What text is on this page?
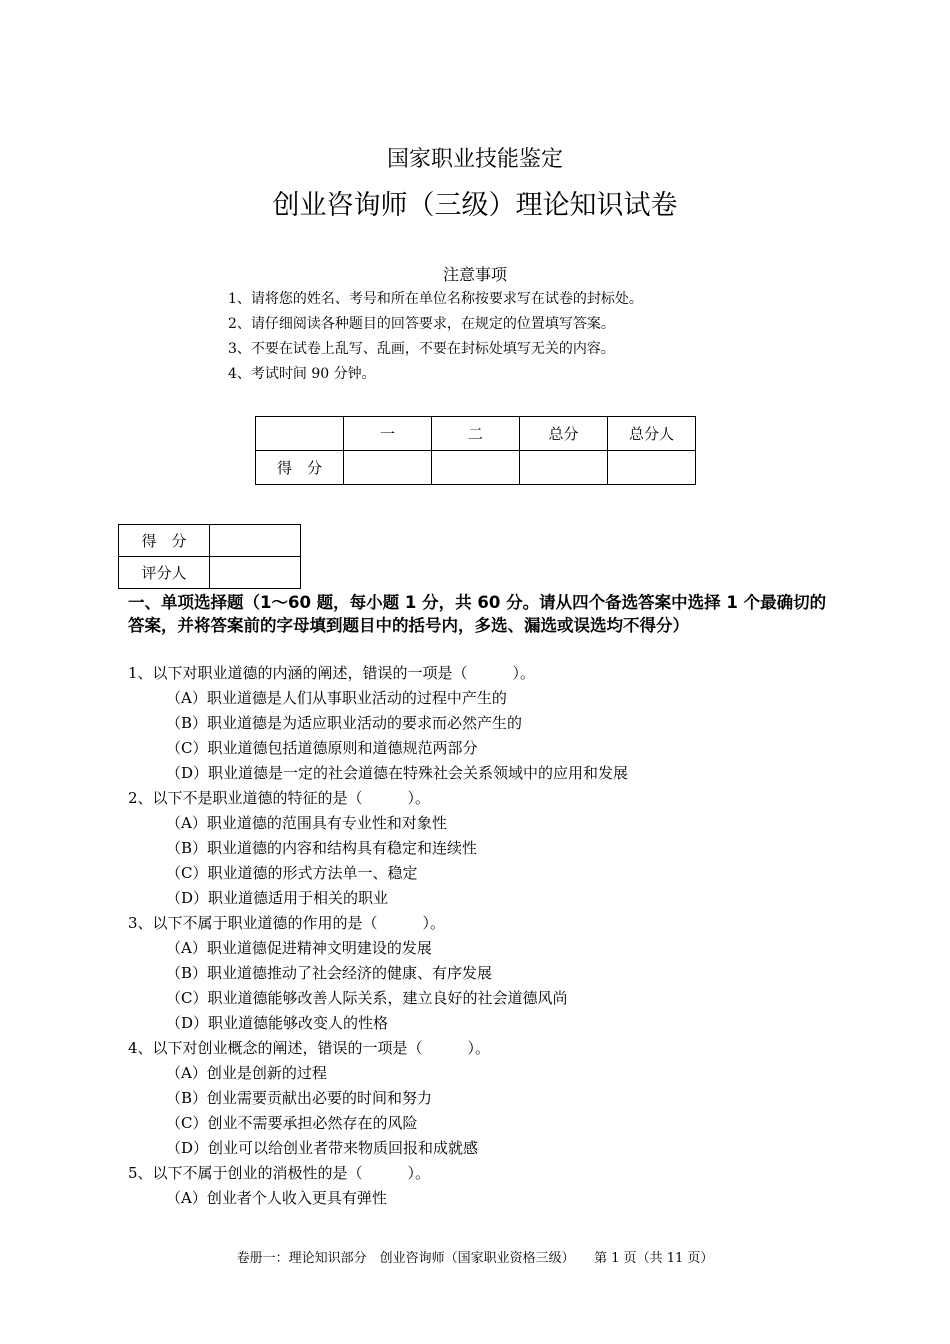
国家职业技能鉴定
创业咨询师（三级）理论知识试卷
注意事项
1、请将您的姓名、考号和所在单位名称按要求写在试卷的封标处。
2、请仔细阅读各种题目的回答要求，在规定的位置填写答案。
3、不要在试卷上乱写、乱画，不要在封标处填写无关的内容。
4、考试时间 90 分钟。
	一	二	总分	总分人
得　分				
得　分	
评分人	
一、单项选择题（1～60 题，每小题 1 分，共 60 分。请从四个备选答案中选择 1 个最确切的答案，并将答案前的字母填到题目中的括号内，多选、漏选或误选均不得分）
1、以下对职业道德的内涵的阐述，错误的一项是（　　　）。
（A）职业道德是人们从事职业活动的过程中产生的
（B）职业道德是为适应职业活动的要求而必然产生的
（C）职业道德包括道德原则和道德规范两部分
（D）职业道德是一定的社会道德在特殊社会关系领域中的应用和发展
2、以下不是职业道德的特征的是（　　　）。
（A）职业道德的范围具有专业性和对象性
（B）职业道德的内容和结构具有稳定和连续性
（C）职业道德的形式方法单一、稳定
（D）职业道德适用于相关的职业
3、以下不属于职业道德的作用的是（　　　）。
（A）职业道德促进精神文明建设的发展
（B）职业道德推动了社会经济的健康、有序发展
（C）职业道德能够改善人际关系，建立良好的社会道德风尚
（D）职业道德能够改变人的性格
4、以下对创业概念的阐述，错误的一项是（　　　）。
（A）创业是创新的过程
（B）创业需要贡献出必要的时间和努力
（C）创业不需要承担必然存在的风险
（D）创业可以给创业者带来物质回报和成就感
5、以下不属于创业的消极性的是（　　　）。
（A）创业者个人收入更具有弹性
卷册一：理论知识部分　创业咨询师（国家职业资格三级）　　第 1 页（共 11 页）
